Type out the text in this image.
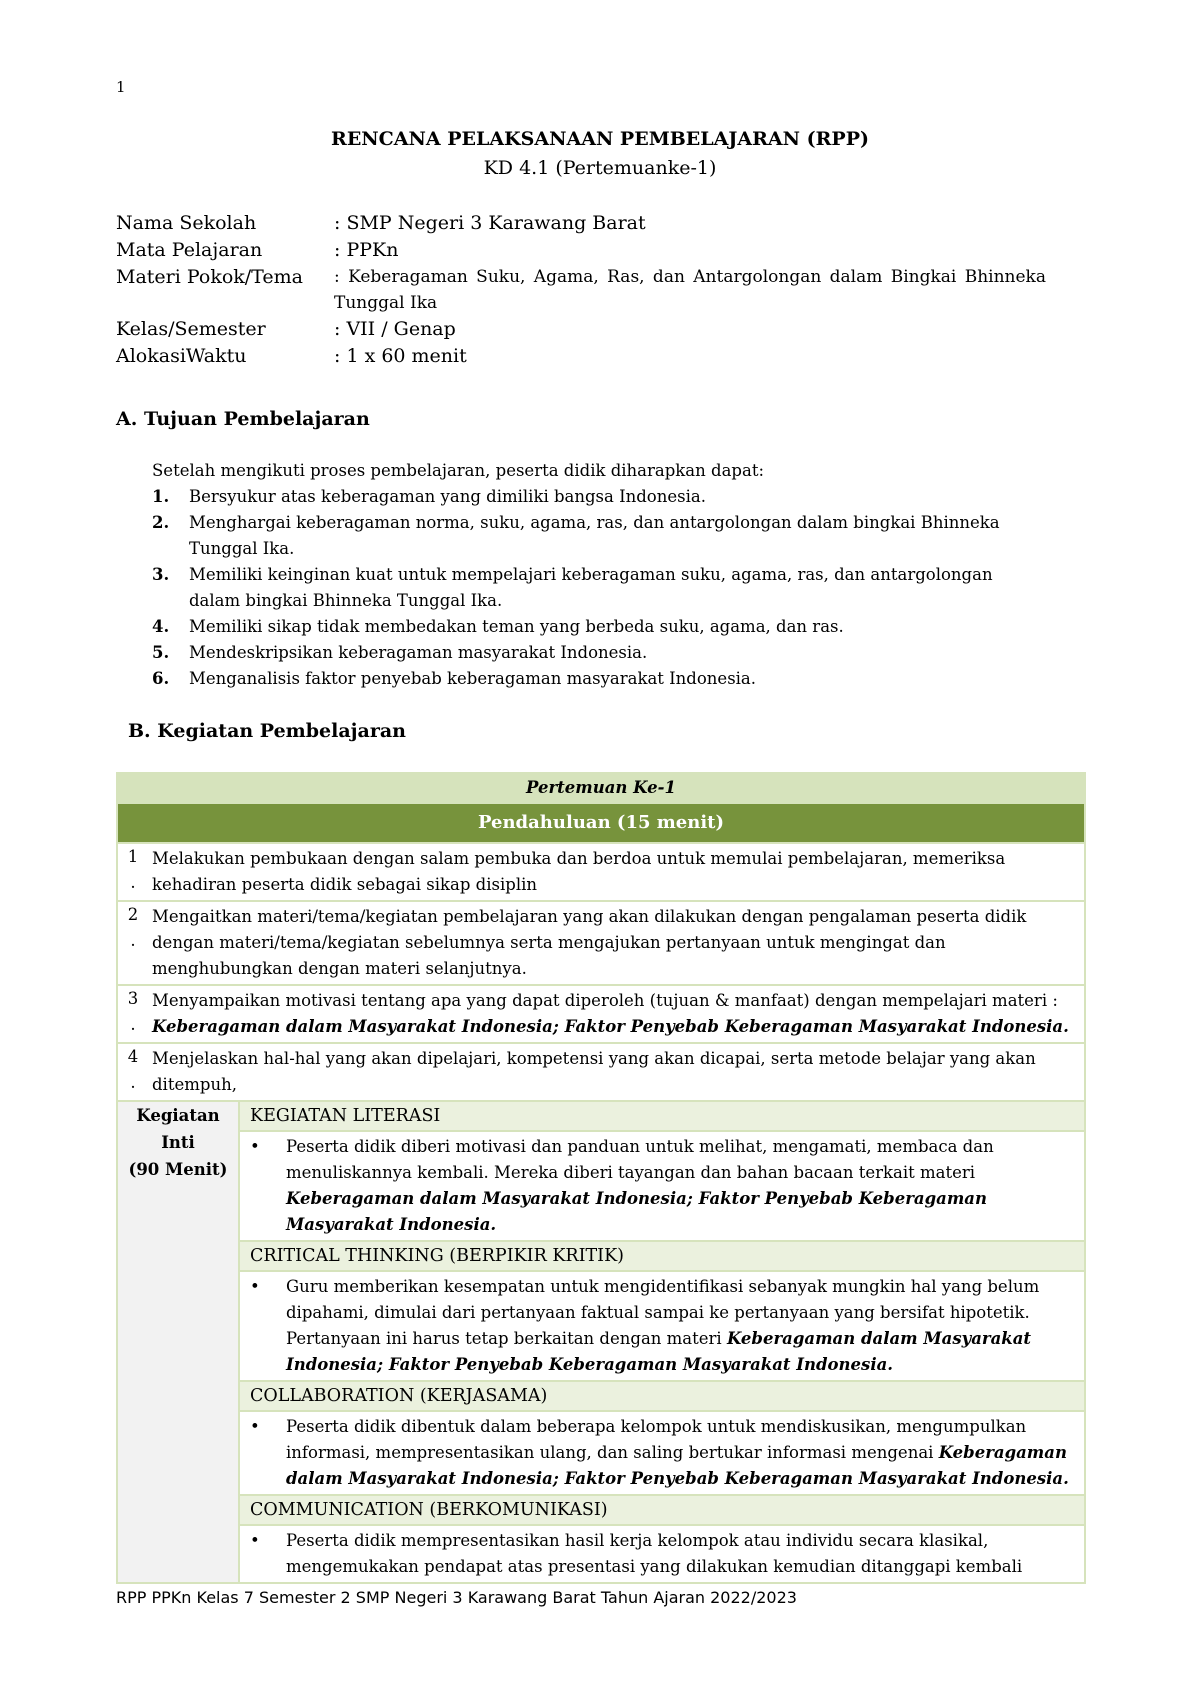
1
RENCANA PELAKSANAAN PEMBELAJARAN (RPP)
KD 4.1 (Pertemuanke-1)
Nama Sekolah	: SMP Negeri 3 Karawang Barat
Mata Pelajaran	: PPKn
Materi Pokok/Tema	: Keberagaman Suku, Agama, Ras, dan Antargolongan dalam Bingkai Bhinneka Tunggal Ika
Kelas/Semester	: VII / Genap
AlokasiWaktu	: 1 x 60 menit
A. Tujuan Pembelajaran
Setelah mengikuti proses pembelajaran, peserta didik diharapkan dapat:
1.	Bersyukur atas keberagaman yang dimiliki bangsa Indonesia.
2.	Menghargai keberagaman norma, suku, agama, ras, dan antargolongan dalam bingkai Bhinneka Tunggal Ika.
3.	Memiliki keinginan kuat untuk mempelajari keberagaman suku, agama, ras, dan antargolongan dalam bingkai Bhinneka Tunggal Ika.
4.	Memiliki sikap tidak membedakan teman yang berbeda suku, agama, dan ras.
5.	Mendeskripsikan keberagaman masyarakat Indonesia.
6.	Menganalisis faktor penyebab keberagaman masyarakat Indonesia.
B. Kegiatan Pembelajaran
Pertemuan Ke-1
Pendahuluan (15 menit)

1
.
Melakukan pembukaan dengan salam pembuka dan berdoa untuk memulai pembelajaran, memeriksa kehadiran peserta didik sebagai sikap disiplin

2
.
Mengaitkan materi/tema/kegiatan pembelajaran yang akan dilakukan dengan pengalaman peserta didik dengan materi/tema/kegiatan sebelumnya serta mengajukan pertanyaan untuk mengingat dan menghubungkan dengan materi selanjutnya.

3
.
Menyampaikan motivasi tentang apa yang dapat diperoleh (tujuan & manfaat) dengan mempelajari materi : Keberagaman dalam Masyarakat Indonesia; Faktor Penyebab Keberagaman Masyarakat Indonesia.

4
.
Menjelaskan hal-hal yang akan dipelajari, kompetensi yang akan dicapai, serta metode belajar yang akan ditempuh,

Kegiatan
Inti
(90 Menit)	KEGIATAN LITERASI

•	Peserta didik diberi motivasi dan panduan untuk melihat, mengamati, membaca dan menuliskannya kembali. Mereka diberi tayangan dan bahan bacaan terkait materi Keberagaman dalam Masyarakat Indonesia; Faktor Penyebab Keberagaman Masyarakat Indonesia.

CRITICAL THINKING (BERPIKIR KRITIK)

•	Guru memberikan kesempatan untuk mengidentifikasi sebanyak mungkin hal yang belum dipahami, dimulai dari pertanyaan faktual sampai ke pertanyaan yang bersifat hipotetik. Pertanyaan ini harus tetap berkaitan dengan materi Keberagaman dalam Masyarakat Indonesia; Faktor Penyebab Keberagaman Masyarakat Indonesia.

COLLABORATION (KERJASAMA)

•	Peserta didik dibentuk dalam beberapa kelompok untuk mendiskusikan, mengumpulkan informasi, mempresentasikan ulang, dan saling bertukar informasi mengenai Keberagaman dalam Masyarakat Indonesia; Faktor Penyebab Keberagaman Masyarakat Indonesia.

COMMUNICATION (BERKOMUNIKASI)

•	Peserta didik mempresentasikan hasil kerja kelompok atau individu secara klasikal, mengemukakan pendapat atas presentasi yang dilakukan kemudian ditanggapi kembali
RPP PPKn Kelas 7 Semester 2 SMP Negeri 3 Karawang Barat Tahun Ajaran 2022/2023
